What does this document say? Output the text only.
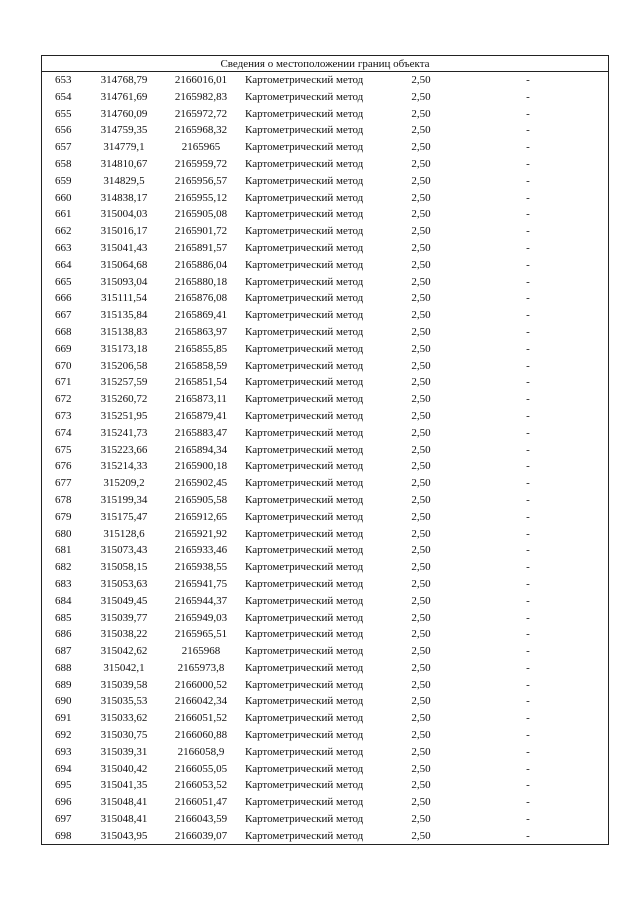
Сведения о местоположении границ объекта
653	314768,79	2166016,01	Картометрический метод	2,50	-
654	314761,69	2165982,83	Картометрический метод	2,50	-
655	314760,09	2165972,72	Картометрический метод	2,50	-
656	314759,35	2165968,32	Картометрический метод	2,50	-
657	314779,1	2165965	Картометрический метод	2,50	-
658	314810,67	2165959,72	Картометрический метод	2,50	-
659	314829,5	2165956,57	Картометрический метод	2,50	-
660	314838,17	2165955,12	Картометрический метод	2,50	-
661	315004,03	2165905,08	Картометрический метод	2,50	-
662	315016,17	2165901,72	Картометрический метод	2,50	-
663	315041,43	2165891,57	Картометрический метод	2,50	-
664	315064,68	2165886,04	Картометрический метод	2,50	-
665	315093,04	2165880,18	Картометрический метод	2,50	-
666	315111,54	2165876,08	Картометрический метод	2,50	-
667	315135,84	2165869,41	Картометрический метод	2,50	-
668	315138,83	2165863,97	Картометрический метод	2,50	-
669	315173,18	2165855,85	Картометрический метод	2,50	-
670	315206,58	2165858,59	Картометрический метод	2,50	-
671	315257,59	2165851,54	Картометрический метод	2,50	-
672	315260,72	2165873,11	Картометрический метод	2,50	-
673	315251,95	2165879,41	Картометрический метод	2,50	-
674	315241,73	2165883,47	Картометрический метод	2,50	-
675	315223,66	2165894,34	Картометрический метод	2,50	-
676	315214,33	2165900,18	Картометрический метод	2,50	-
677	315209,2	2165902,45	Картометрический метод	2,50	-
678	315199,34	2165905,58	Картометрический метод	2,50	-
679	315175,47	2165912,65	Картометрический метод	2,50	-
680	315128,6	2165921,92	Картометрический метод	2,50	-
681	315073,43	2165933,46	Картометрический метод	2,50	-
682	315058,15	2165938,55	Картометрический метод	2,50	-
683	315053,63	2165941,75	Картометрический метод	2,50	-
684	315049,45	2165944,37	Картометрический метод	2,50	-
685	315039,77	2165949,03	Картометрический метод	2,50	-
686	315038,22	2165965,51	Картометрический метод	2,50	-
687	315042,62	2165968	Картометрический метод	2,50	-
688	315042,1	2165973,8	Картометрический метод	2,50	-
689	315039,58	2166000,52	Картометрический метод	2,50	-
690	315035,53	2166042,34	Картометрический метод	2,50	-
691	315033,62	2166051,52	Картометрический метод	2,50	-
692	315030,75	2166060,88	Картометрический метод	2,50	-
693	315039,31	2166058,9	Картометрический метод	2,50	-
694	315040,42	2166055,05	Картометрический метод	2,50	-
695	315041,35	2166053,52	Картометрический метод	2,50	-
696	315048,41	2166051,47	Картометрический метод	2,50	-
697	315048,41	2166043,59	Картометрический метод	2,50	-
698	315043,95	2166039,07	Картометрический метод	2,50	-
